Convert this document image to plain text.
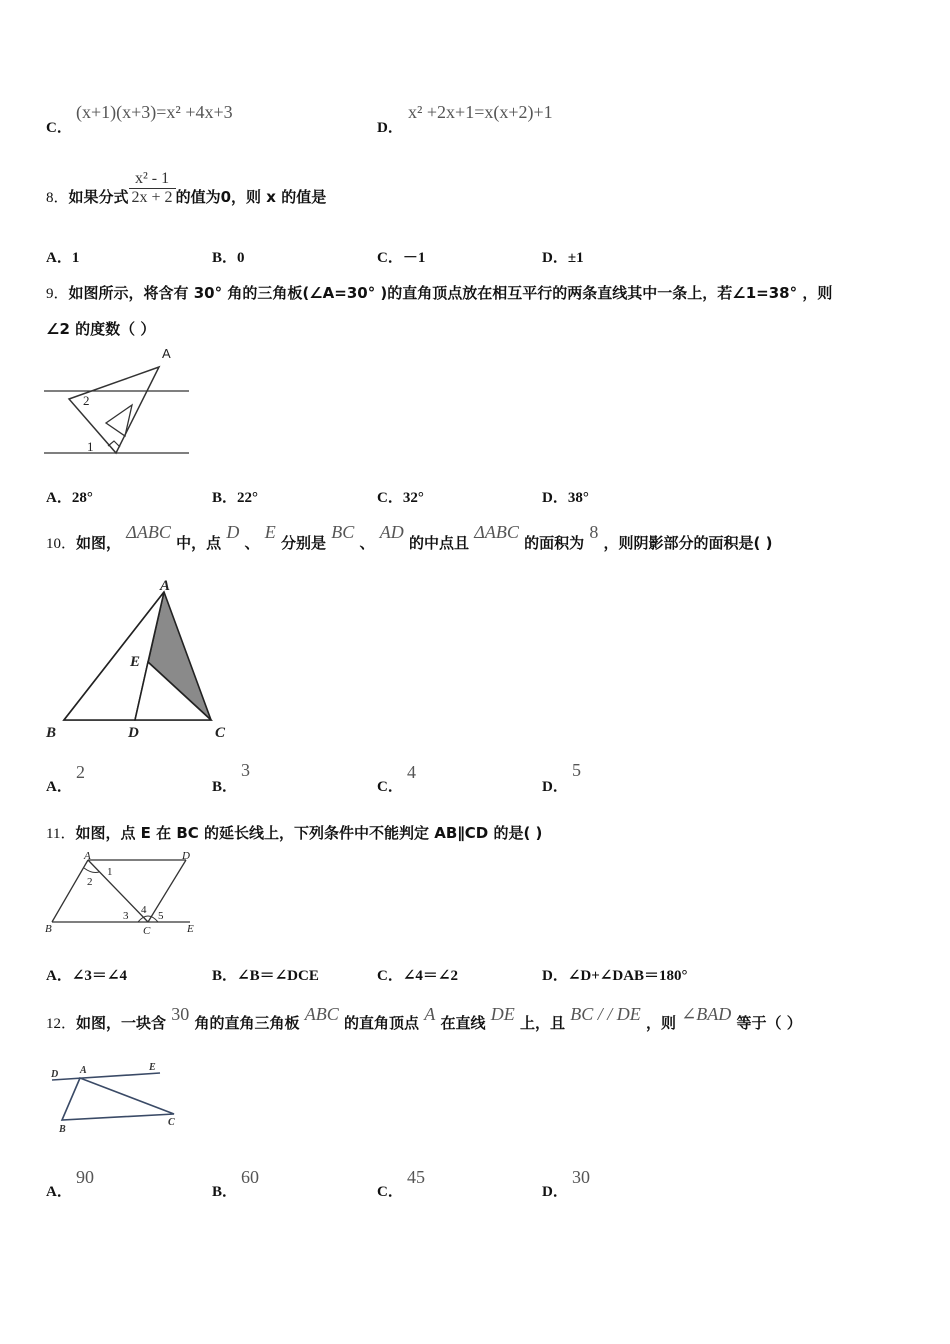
C．
(x+1)(x+3)=x² +4x+3
D．
x² +2x+1=x(x+2)+1
8．如果分式 $\frac{\text{x² - 1}}{2x + 2}$ 的值为0，则 x 的值是
A．1	B．0	C．－1	D．±1
9．如图所示，将含有 30° 角的三角板(∠A=30° )的直角顶点放在相互平行的两条直线其中一条上，若∠1=38° ，则
∠2 的度数（ ）
A
2
1
A．28°	B．22°	C．32°	D．38°
10．如图， ΔABC 中，点 D 、 E 分别是 BC 、 AD 的中点且 ΔABC 的面积为 8 ，则阴影部分的面积是( )
A
E
B	D	C
A．
2
B．
3
C．
4
D．
5
11．如图，点 E 在 BC 的延长线上，下列条件中不能判定 AB∥CD 的是( )
A	D
B	C	E
1
2
3 4 5
A．∠3＝∠4	B．∠B＝∠DCE	C．∠4＝∠2	D．∠D+∠DAB＝180°
12．如图，一块含 30 角的直角三角板 ABC 的直角顶点 A 在直线 DE 上，且 BC / / DE ，则 ∠BAD 等于（ ）
D A	E
B
C
A．
90
B．
60
C．
45
D．
30
